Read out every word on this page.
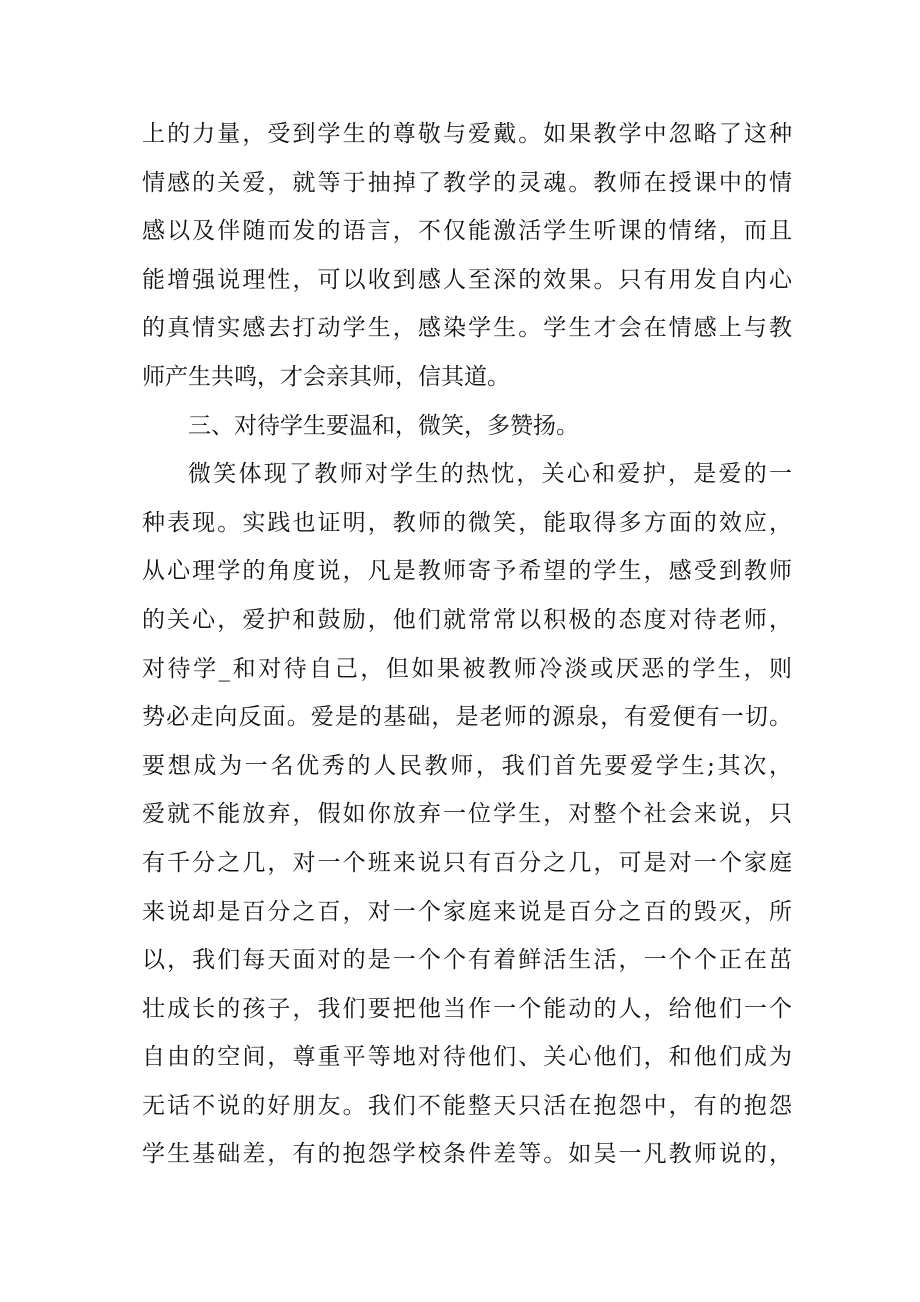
上的力量，受到学生的尊敬与爱戴。如果教学中忽略了这种
情感的关爱，就等于抽掉了教学的灵魂。教师在授课中的情
感以及伴随而发的语言，不仅能激活学生听课的情绪，而且
能增强说理性，可以收到感人至深的效果。只有用发自内心
的真情实感去打动学生，感染学生。学生才会在情感上与教
师产生共鸣，才会亲其师，信其道。
三、对待学生要温和，微笑，多赞扬。
微笑体现了教师对学生的热忱，关心和爱护，是爱的一
种表现。实践也证明，教师的微笑，能取得多方面的效应，
从心理学的角度说，凡是教师寄予希望的学生，感受到教师
的关心，爱护和鼓励，他们就常常以积极的态度对待老师，
对待学_和对待自己，但如果被教师冷淡或厌恶的学生，则
势必走向反面。爱是的基础，是老师的源泉，有爱便有一切。
要想成为一名优秀的人民教师，我们首先要爱学生;其次，
爱就不能放弃，假如你放弃一位学生，对整个社会来说，只
有千分之几，对一个班来说只有百分之几，可是对一个家庭
来说却是百分之百，对一个家庭来说是百分之百的毁灭，所
以，我们每天面对的是一个个有着鲜活生活，一个个正在茁
壮成长的孩子，我们要把他当作一个能动的人，给他们一个
自由的空间，尊重平等地对待他们、关心他们，和他们成为
无话不说的好朋友。我们不能整天只活在抱怨中，有的抱怨
学生基础差，有的抱怨学校条件差等。如吴一凡教师说的，
